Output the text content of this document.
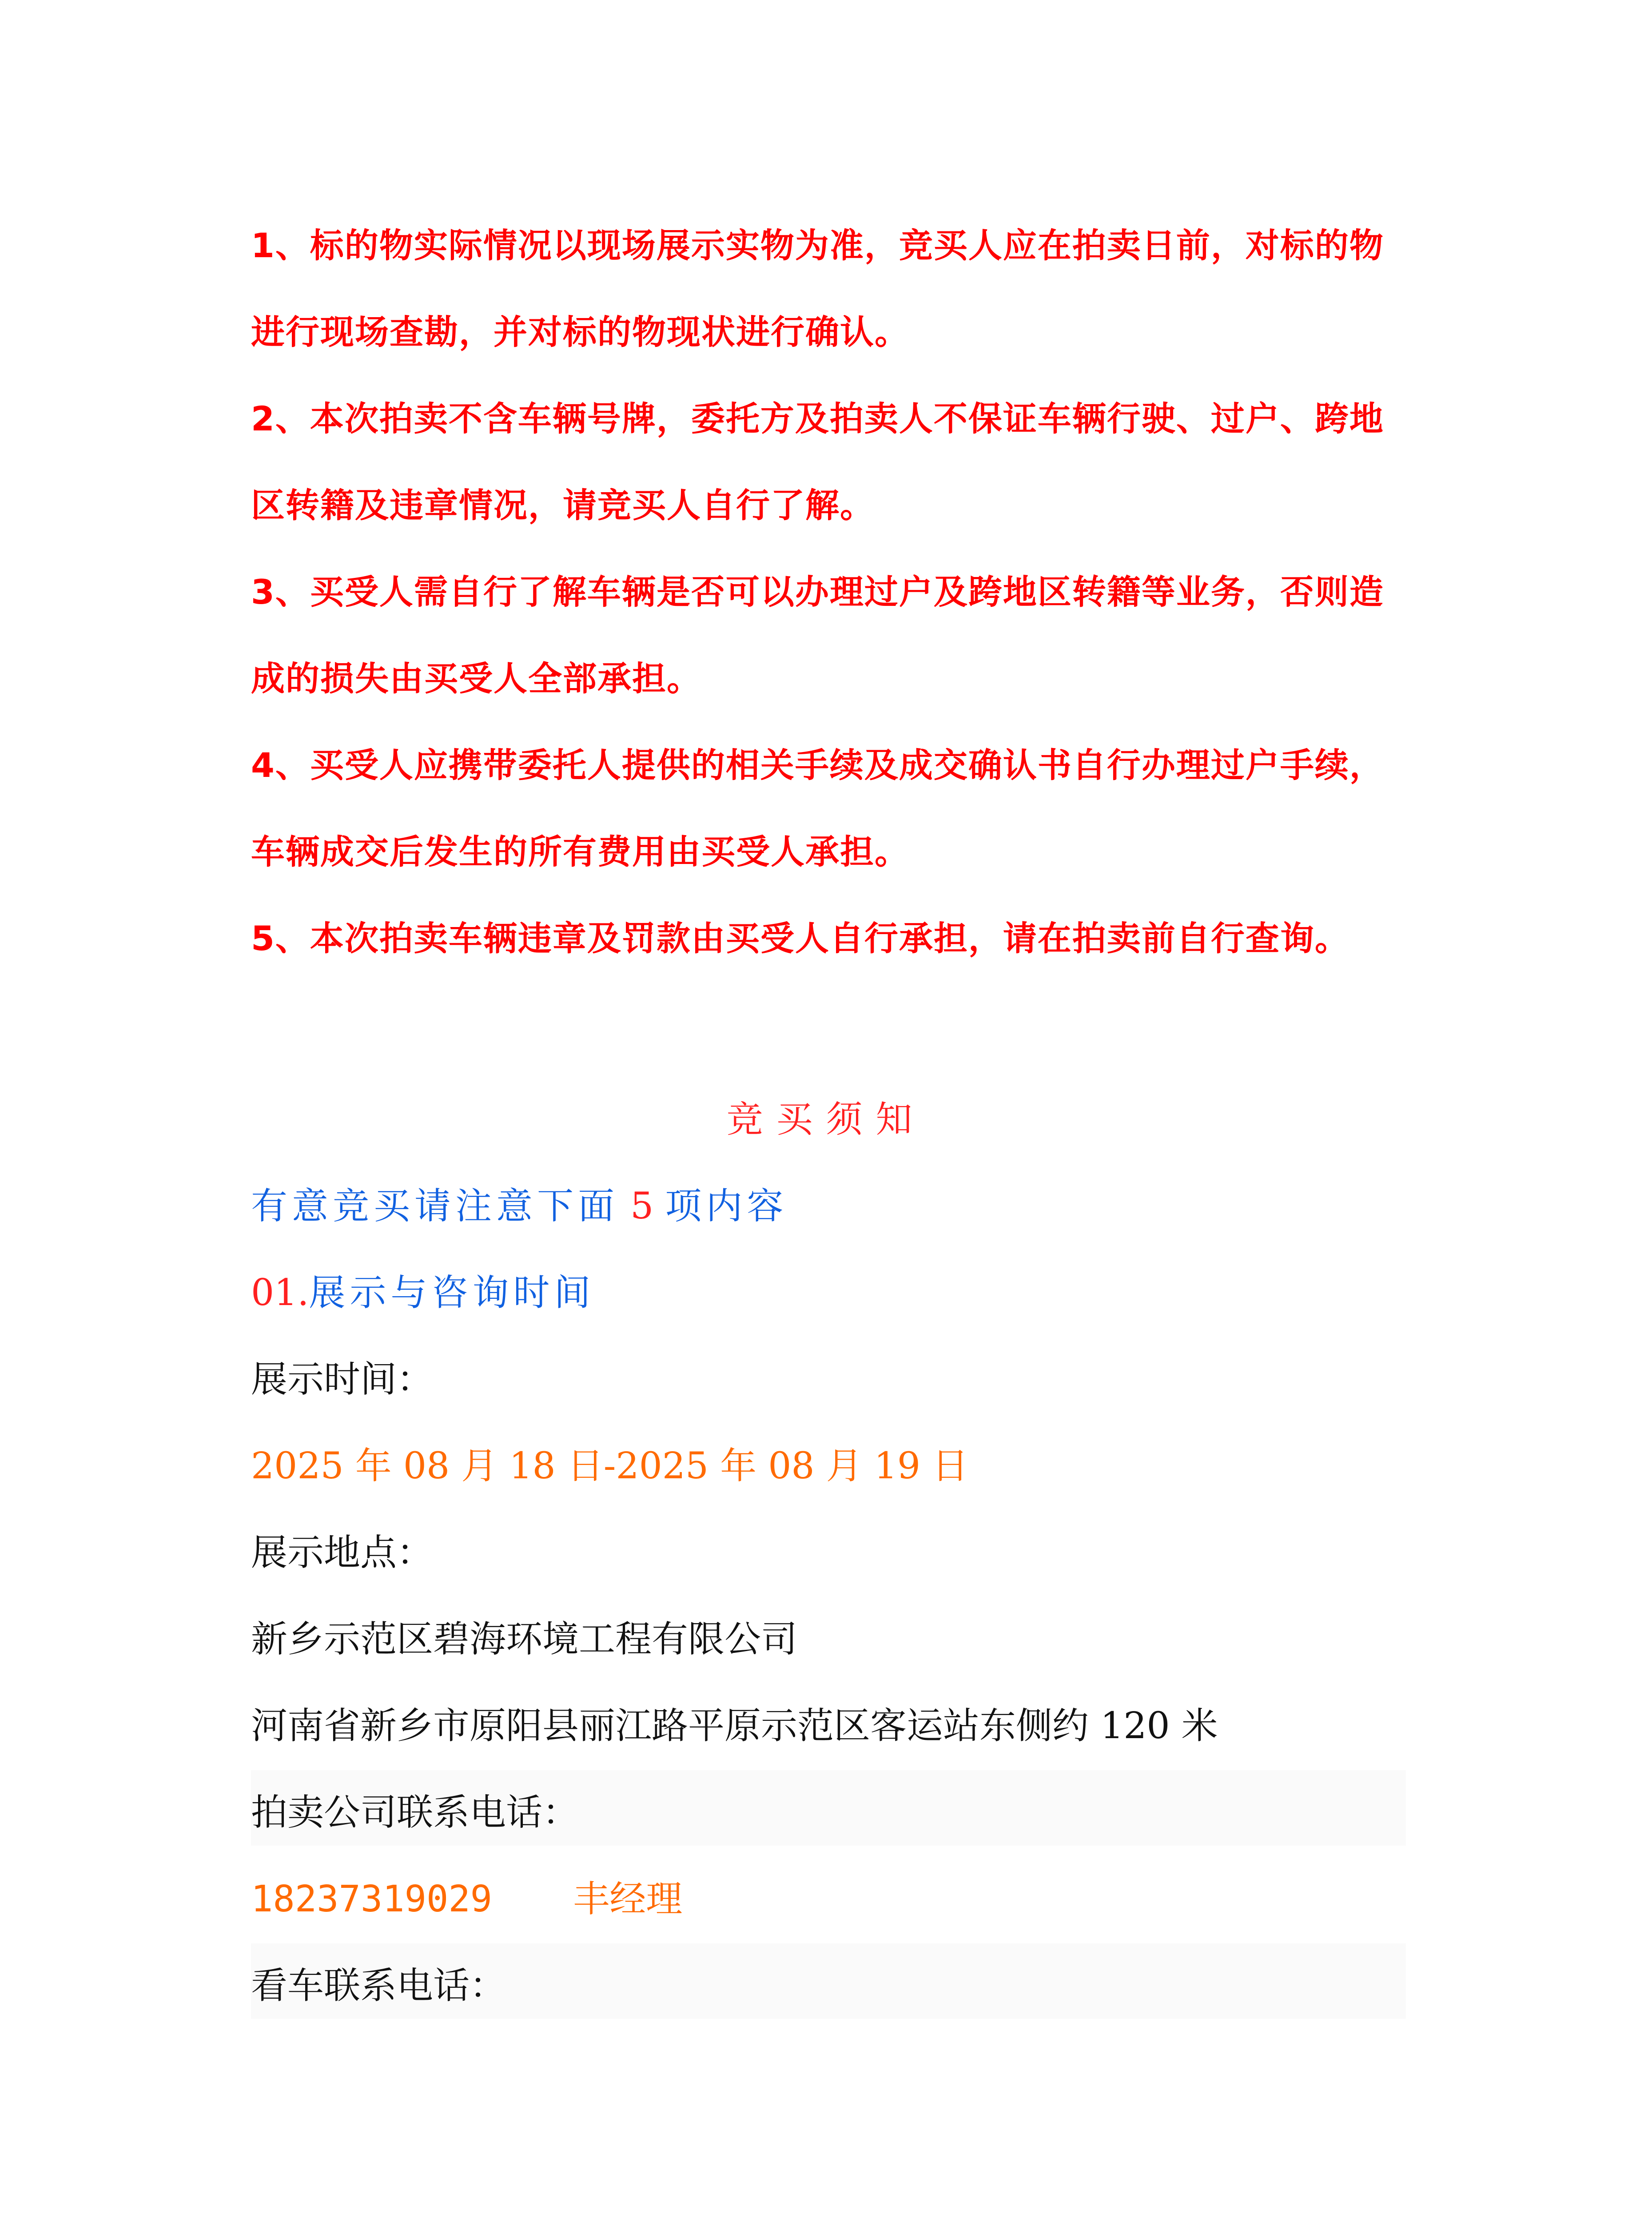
1、标的物实际情况以现场展示实物为准，竞买人应在拍卖日前，对标的物进行现场查勘，并对标的物现状进行确认。
2、本次拍卖不含车辆号牌，委托方及拍卖人不保证车辆行驶、过户、跨地区转籍及违章情况，请竞买人自行了解。
3、买受人需自行了解车辆是否可以办理过户及跨地区转籍等业务，否则造成的损失由买受人全部承担。
4、买受人应携带委托人提供的相关手续及成交确认书自行办理过户手续，车辆成交后发生的所有费用由买受人承担。
5、本次拍卖车辆违章及罚款由买受人自行承担，请在拍卖前自行查询。
竞买须知
有意竞买请注意下面 5 项内容
01.展示与咨询时间
展示时间：
2025 年 08 月 18 日-2025 年 08 月 19 日
展示地点：
新乡示范区碧海环境工程有限公司
河南省新乡市原阳县丽江路平原示范区客运站东侧约 120 米
拍卖公司联系电话：
18237319029 丰经理
看车联系电话：
